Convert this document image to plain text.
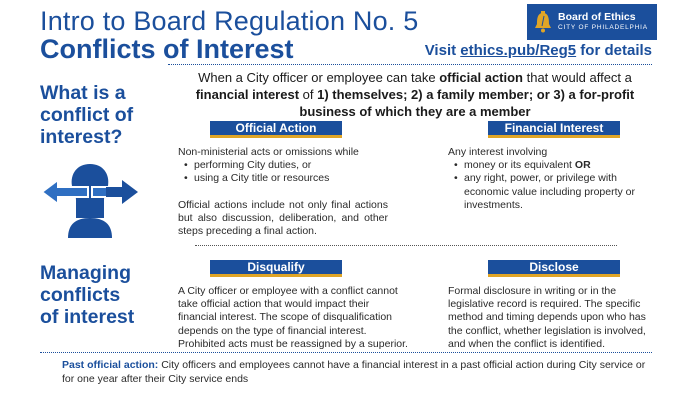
Intro to Board Regulation No. 5
Conflicts of Interest
Board of Ethics
CITY OF PHILADELPHIA
Visit ethics.pub/Reg5 for details
What is a
conflict of
interest?
When a City officer or employee can take official action that would affect a financial interest of 1) themselves; 2) a family member; or 3) a for-profit business of which they are a member
Official Action	Financial Interest
Non-ministerial acts or omissions while
• performing City duties, or
• using a City title or resources
Official actions include not only final actions but also discussion, deliberation, and other steps preceding a final action.
Any interest involving
• money or its equivalent OR
• any right, power, or privilege with economic value including property or investments.
Managing
conflicts
of interest
Disqualify	Disclose
A City officer or employee with a conflict cannot take official action that would impact their financial interest. The scope of disqualification depends on the type of financial interest. Prohibited acts must be reassigned by a superior.
Formal disclosure in writing or in the legislative record is required. The specific method and timing depends upon who has the conflict, whether legislation is involved, and when the conflict is identified.
Past official action: City officers and employees cannot have a financial interest in a past official action during City service or for one year after their City service ends
